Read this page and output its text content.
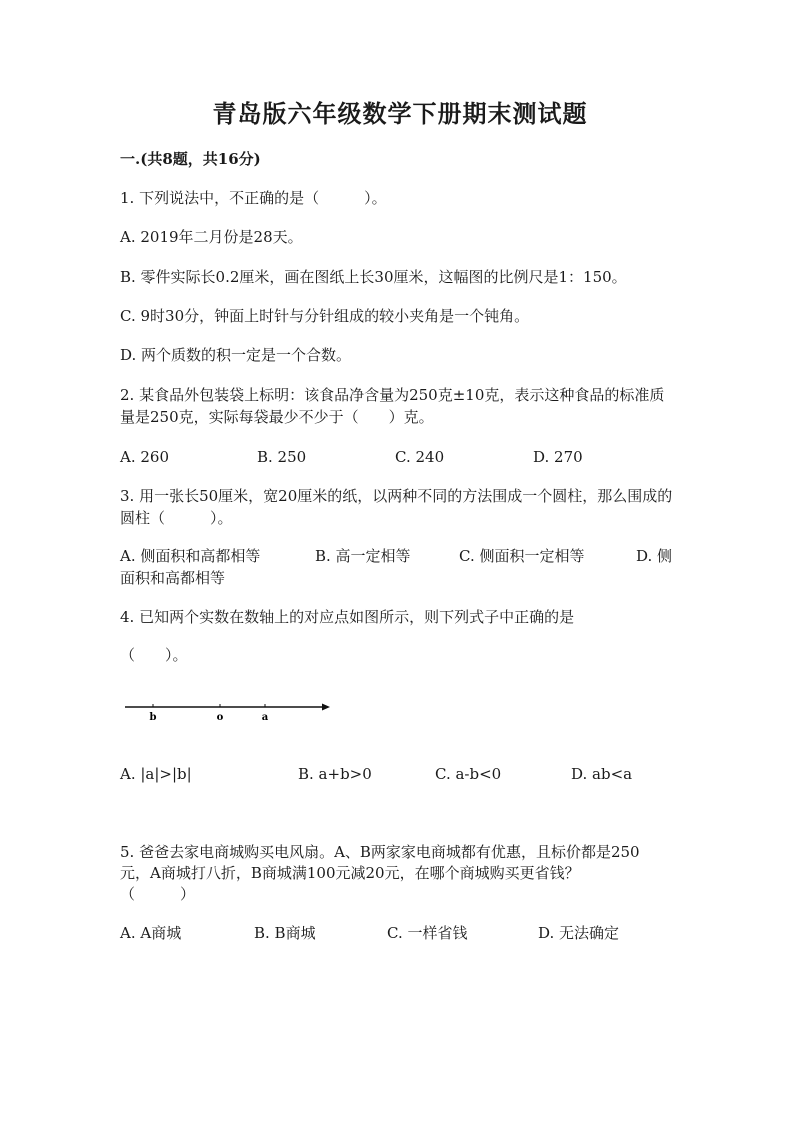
青岛版六年级数学下册期末测试题
一.(共8题，共16分)
1. 下列说法中，不正确的是（　　　）。
A. 2019年二月份是28天。
B. 零件实际长0.2厘米，画在图纸上长30厘米，这幅图的比例尺是1：150。
C. 9时30分，钟面上时针与分针组成的较小夹角是一个钝角。
D. 两个质数的积一定是一个合数。
2. 某食品外包装袋上标明：该食品净含量为250克±10克，表示这种食品的标准质量是250克，实际每袋最少不少于（　　）克。
A. 260	B. 250	C. 240	D. 270
3. 用一张长50厘米，宽20厘米的纸，以两种不同的方法围成一个圆柱，那么围成的圆柱（　　　）。
A. 侧面积和高都相等	B. 高一定相等	C. 侧面积一定相等	D. 侧
面积和高都相等
4. 已知两个实数在数轴上的对应点如图所示，则下列式子中正确的是
（　　）。
b	o	a
A. |a|>|b|	B. a+b>0	C. a-b<0	D. ab<a
5. 爸爸去家电商城购买电风扇。A、B两家家电商城都有优惠，且标价都是250
元，A商城打八折，B商城满100元减20元，在哪个商城购买更省钱？
（　　　）
A. A商城	B. B商城	C. 一样省钱	D. 无法确定
